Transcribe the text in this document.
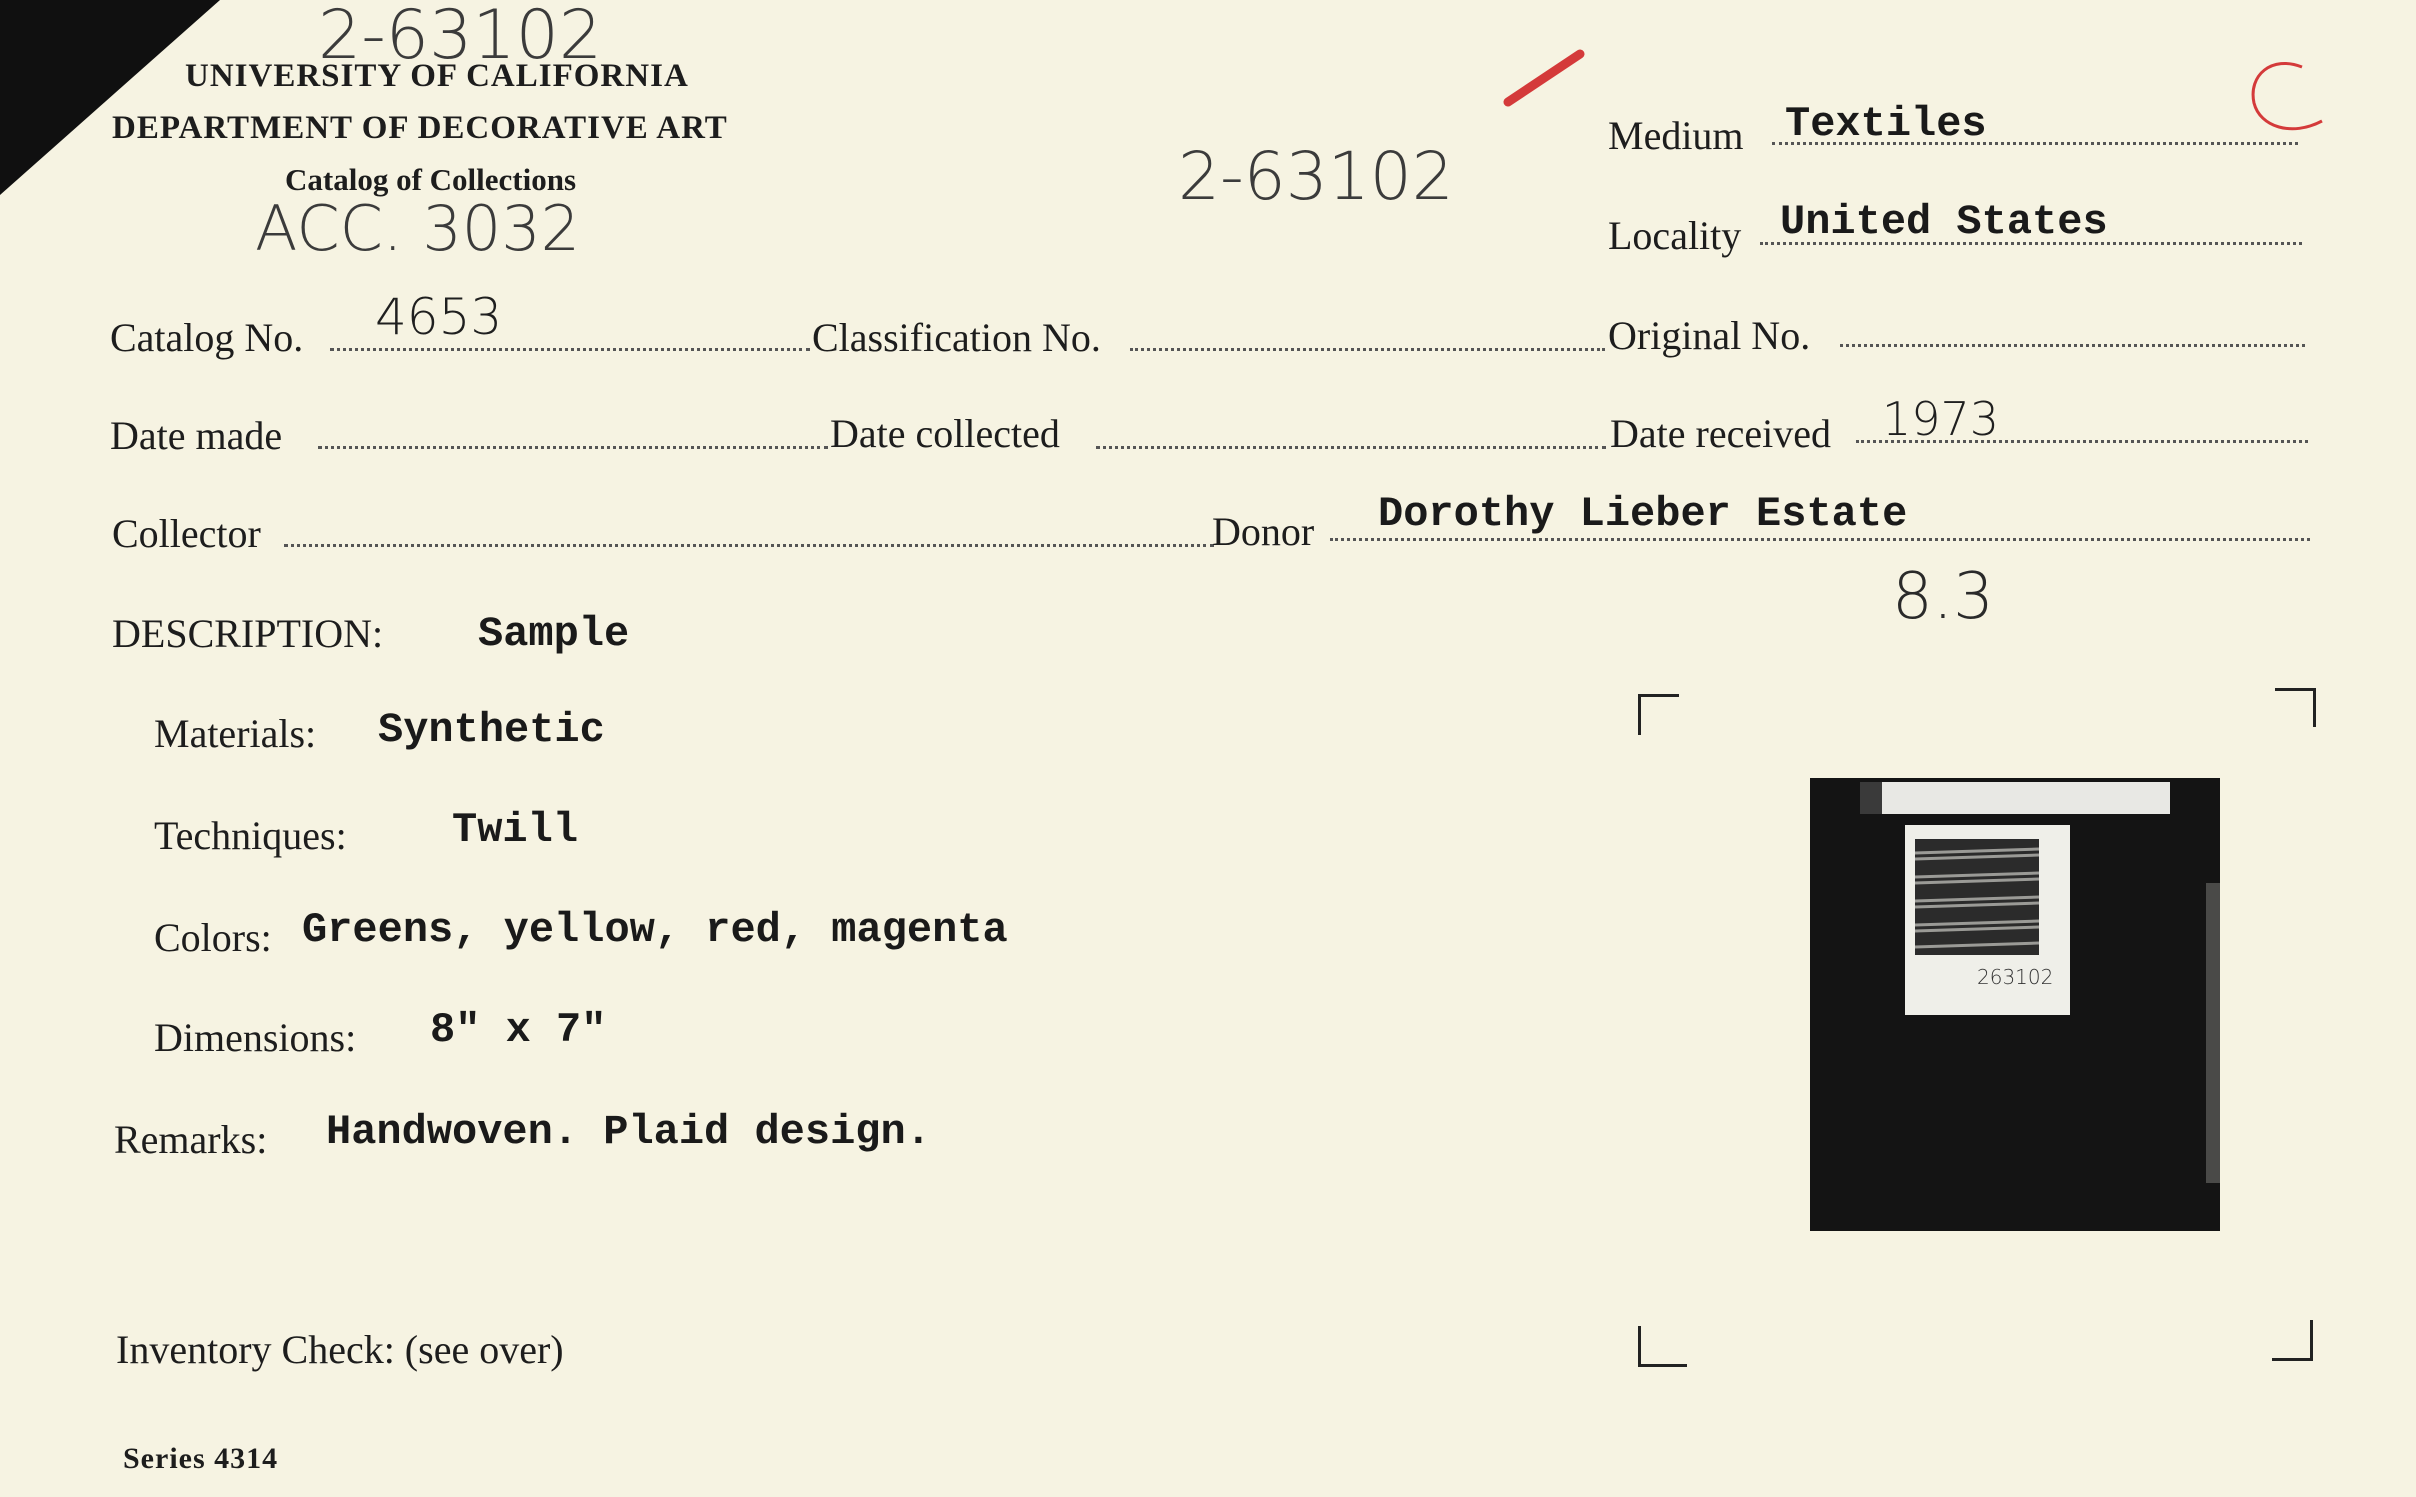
2-63102
UNIVERSITY OF CALIFORNIA
DEPARTMENT OF DECORATIVE ART
Catalog of Collections
ACC. 3032
2-63102
Medium Textiles
Locality United States
Catalog No. 4653	Classification No.	Original No.
Date made	Date collected	Date received 1973
Collector	Donor Dorothy Lieber Estate
8.3
DESCRIPTION: Sample
Materials: Synthetic
Techniques:	Twill
Colors: Greens, yellow, red, magenta
Dimensions: 8" x 7"
Remarks: Handwoven. Plaid design.
Inventory Check: (see over)
Series 4314
263102
